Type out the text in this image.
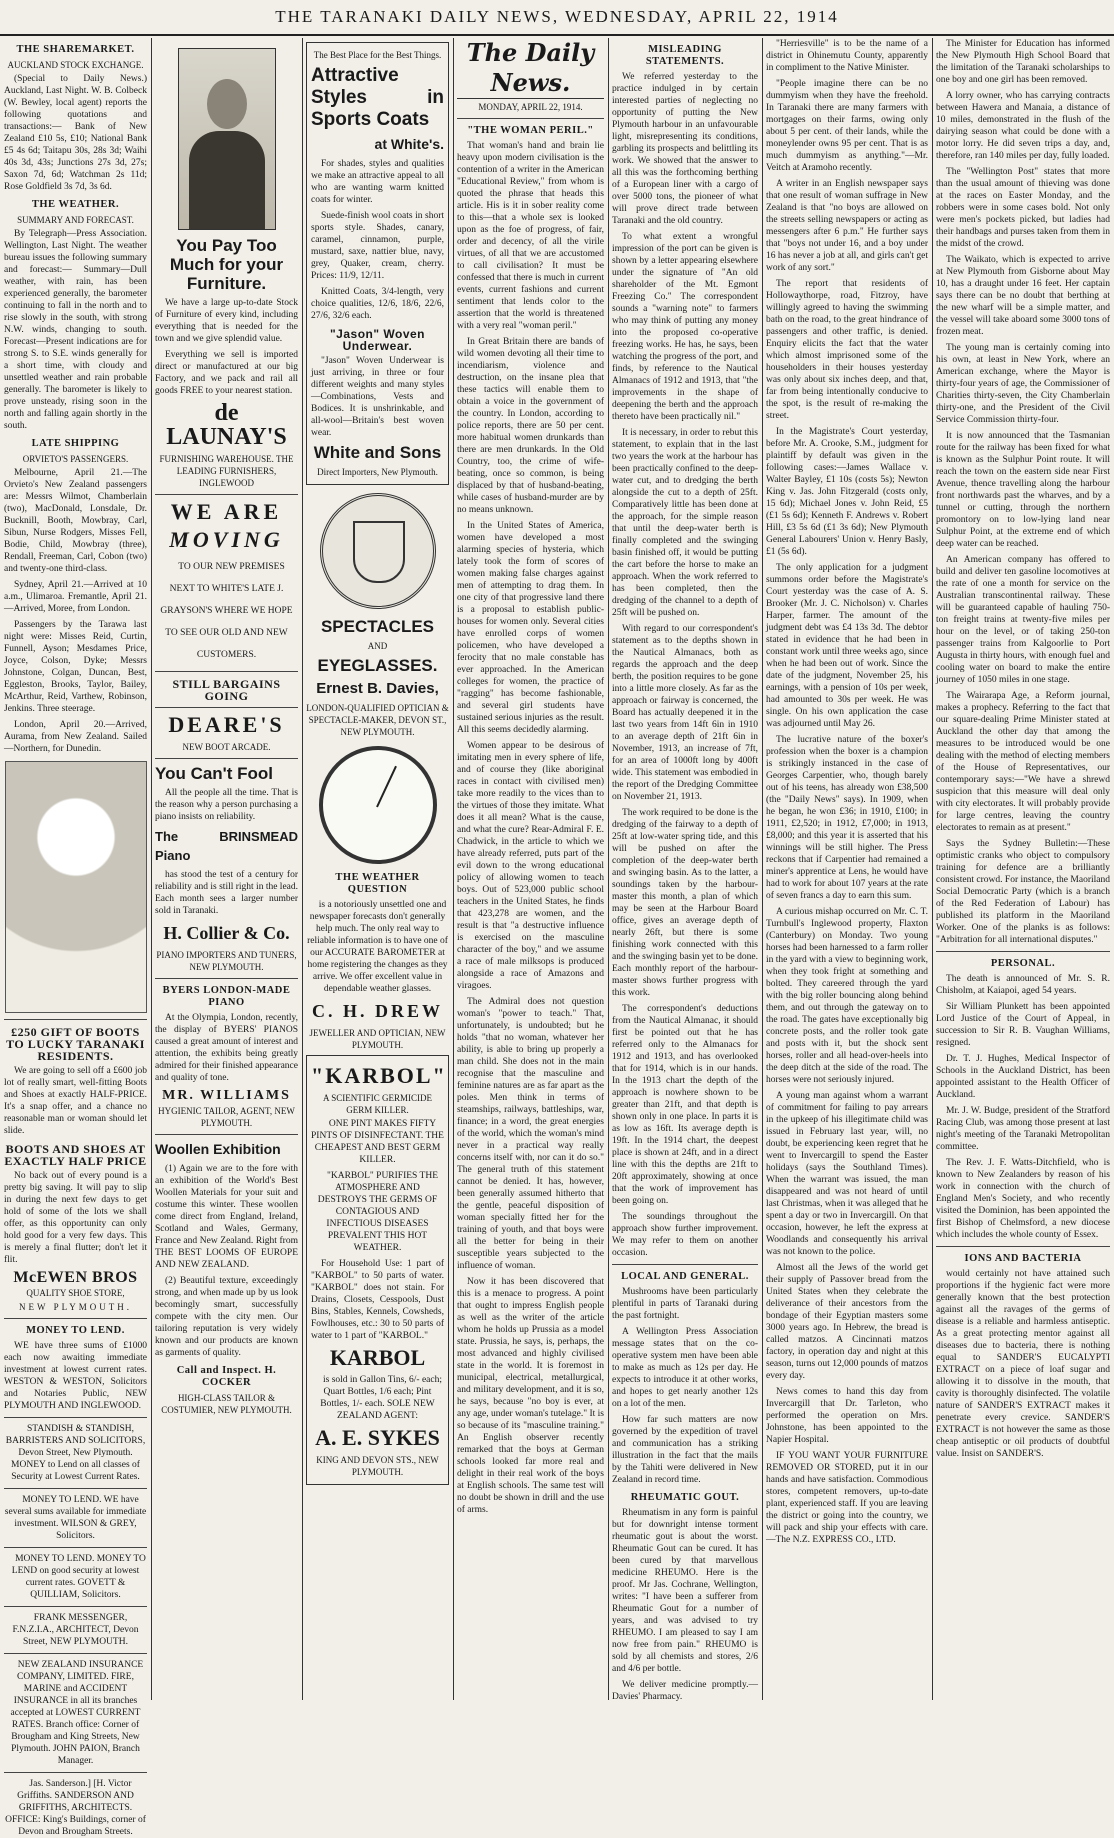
THE TARANAKI DAILY NEWS, WEDNESDAY, APRIL 22, 1914
THE SHAREMARKET.
AUCKLAND STOCK EXCHANGE.

(Special to Daily News.) Auckland, Last Night. W. B. Colbeck (W. Bewley, local agent) reports the following quotations and transactions:— Bank of New Zealand £10 5s, £10; National Bank £5 4s 6d; Taitapu 30s, 28s 3d; Waihi 40s 3d, 43s; Junctions 27s 3d, 27s; Saxon 7d, 6d; Watchman 2s 11d; Rose Goldfield 3s 7d, 3s 6d.

THE WEATHER.
SUMMARY AND FORECAST.

By Telegraph—Press Association. Wellington, Last Night. The weather bureau issues the following summary and forecast:— Summary—Dull weather, with rain, has been experienced generally, the barometer continuing to fall in the north and to rise slowly in the south, with strong N.W. winds, changing to south. Forecast—Present indications are for strong S. to S.E. winds generally for a short time, with cloudy and unsettled weather and rain probable generally. The barometer is likely to prove unsteady, rising soon in the north and falling again shortly in the south.

LATE SHIPPING
ORVIETO'S PASSENGERS.

Melbourne, April 21.—The Orvieto's New Zealand passengers are: Messrs Wilmot, Chamberlain (two), MacDonald, Lonsdale, Dr. Bucknill, Booth, Mowbray, Carl, Sibun, Nurse Rodgers, Misses Fell, Bodie, Child, Mowbray (three), Rendall, Freeman, Carl, Cobon (two) and twenty-one third-class.

Sydney, April 21.—Arrived at 10 a.m., Ulimaroa. Fremantle, April 21.—Arrived, Moree, from London.

Passengers by the Tarawa last night were: Misses Reid, Curtin, Funnell, Ayson; Mesdames Price, Joyce, Colson, Dyke; Messrs Johnstone, Colgan, Duncan, Best, Eggleston, Brooks, Taylor, Bailey, McArthur, Reid, Varthew, Robinson, Jenkins. Three steerage.

London, April 20.—Arrived, Aurama, from New Zealand. Sailed—Northern, for Dunedin.

£250 GIFT OF BOOTS TO LUCKY TARANAKI RESIDENTS.

We are going to sell off a £600 job lot of really smart, well-fitting Boots and Shoes at exactly HALF-PRICE. It's a snap offer, and a chance no reasonable man or woman should let slide.

BOOTS AND SHOES AT EXACTLY HALF PRICE

No back out of every pound is a pretty big saving. It will pay to slip in during the next few days to get hold of some of the lots we shall offer, as this opportunity can only hold good for a very few days. This is merely a final flutter; don't let it flit.

McEWEN BROS
QUALITY SHOE STORE,
NEW PLYMOUTH.
MONEY TO LEND.

WE have three sums of £1000 each now awaiting immediate investment at lowest current rates. WESTON & WESTON, Solicitors and Notaries Public, NEW PLYMOUTH AND INGLEWOOD.

STANDISH & STANDISH, BARRISTERS AND SOLICITORS, Devon Street, New Plymouth. MONEY to Lend on all classes of Security at Lowest Current Rates.

MONEY TO LEND. WE have several sums available for immediate investment. WILSON & GREY, Solicitors.

MONEY TO LEND. MONEY TO LEND on good security at lowest current rates. GOVETT & QUILLIAM, Solicitors.

FRANK MESSENGER, F.N.Z.I.A., ARCHITECT, Devon Street, NEW PLYMOUTH.

NEW ZEALAND INSURANCE COMPANY, LIMITED. FIRE, MARINE and ACCIDENT INSURANCE in all its branches accepted at LOWEST CURRENT RATES. Branch office: Corner of Brougham and King Streets, New Plymouth. JOHN PAION, Branch Manager.

Jas. Sanderson.] [H. Victor Griffiths. SANDERSON AND GRIFFITHS, ARCHITECTS. OFFICE: King's Buildings, corner of Devon and Brougham Streets.

You Pay Too Much for your Furniture.

We have a large up-to-date Stock of Furniture of every kind, including everything that is needed for the town and we give splendid value.

Everything we sell is imported direct or manufactured at our big Factory, and we pack and rail all goods FREE to your nearest station.

de LAUNAY'S
FURNISHING WAREHOUSE. THE LEADING FURNISHERS, INGLEWOOD
WE ARE
MOVING

TO OUR NEW PREMISES NEXT TO WHITE'S LATE J. GRAYSON'S WHERE WE HOPE TO SEE OUR OLD AND NEW CUSTOMERS.

STILL BARGAINS GOING
DEARE'S
NEW BOOT ARCADE.
You Can't Fool

All the people all the time. That is the reason why a person purchasing a piano insists on reliability.

The BRINSMEAD Piano

has stood the test of a century for reliability and is still right in the lead. Each month sees a larger number sold in Taranaki.

H. Collier & Co.
PIANO IMPORTERS AND TUNERS, NEW PLYMOUTH.
BYERS LONDON-MADE PIANO

At the Olympia, London, recently, the display of BYERS' PIANOS caused a great amount of interest and attention, the exhibits being greatly admired for their finished appearance and quality of tone.

MR. WILLIAMS
HYGIENIC TAILOR, AGENT, NEW PLYMOUTH.
Woollen Exhibition

(1) Again we are to the fore with an exhibition of the World's Best Woollen Materials for your suit and costume this winter. These woollen come direct from England, Ireland, Scotland and Wales, Germany, France and New Zealand. Right from THE BEST LOOMS OF EUROPE AND NEW ZEALAND.

(2) Beautiful texture, exceedingly strong, and when made up by us look becomingly smart, successfully compete with the city men. Our tailoring reputation is very widely known and our products are known as garments of quality.

Call and Inspect. H. COCKER
HIGH-CLASS TAILOR & COSTUMIER, NEW PLYMOUTH.
The Best Place for the Best Things.
Attractive Styles in Sports Coats
at White's.

For shades, styles and qualities we make an attractive appeal to all who are wanting warm knitted coats for winter.

Suede-finish wool coats in short sports style. Shades, canary, caramel, cinnamon, purple, mustard, saxe, nattier blue, navy, grey, Quaker, cream, cherry. Prices: 11/9, 12/11.

Knitted Coats, 3/4-length, very choice qualities, 12/6, 18/6, 22/6, 27/6, 32/6 each.

"Jason" Woven Underwear.

"Jason" Woven Underwear is just arriving, in three or four different weights and many styles—Combinations, Vests and Bodices. It is unshrinkable, and all-wool—Britain's best woven wear.

White and Sons
Direct Importers, New Plymouth.
SPECTACLES
AND
EYEGLASSES.
Ernest B. Davies,
LONDON-QUALIFIED OPTICIAN & SPECTACLE-MAKER, DEVON ST., NEW PLYMOUTH.
THE WEATHER QUESTION

is a notoriously unsettled one and newspaper forecasts don't generally help much. The only real way to reliable information is to have one of our ACCURATE BAROMETER at home registering the changes as they arrive. We offer excellent value in dependable weather glasses.

C. H. DREW
JEWELLER AND OPTICIAN, NEW PLYMOUTH.
"KARBOL"
A SCIENTIFIC GERMICIDE GERM KILLER.

ONE PINT MAKES FIFTY PINTS OF DISINFECTANT. THE CHEAPEST AND BEST GERM KILLER.

"KARBOL" PURIFIES THE ATMOSPHERE AND DESTROYS THE GERMS OF CONTAGIOUS AND INFECTIOUS DISEASES PREVALENT THIS HOT WEATHER.

For Household Use: 1 part of "KARBOL" to 50 parts of water. "KARBOL" does not stain. For Drains, Closets, Cesspools, Dust Bins, Stables, Kennels, Cowsheds, Fowlhouses, etc.: 30 to 50 parts of water to 1 part of "KARBOL."

KARBOL

is sold in Gallon Tins, 6/- each; Quart Bottles, 1/6 each; Pint Bottles, 1/- each. SOLE NEW ZEALAND AGENT:

A. E. SYKES
KING AND DEVON STS., NEW PLYMOUTH.
The Daily News.
MONDAY, APRIL 22, 1914.
"THE WOMAN PERIL."

That woman's hand and brain lie heavy upon modern civilisation is the contention of a writer in the American "Educational Review," from whom is quoted the phrase that heads this article. His is it in sober reality come to this—that a whole sex is looked upon as the foe of progress, of fair, order and decency, of all the virile virtues, of all that we are accustomed to call civilisation? It must be confessed that there is much in current events, current fashions and current sentiment that lends color to the assertion that the world is threatened with a very real "woman peril."

In Great Britain there are bands of wild women devoting all their time to incendiarism, violence and destruction, on the insane plea that these tactics will enable them to obtain a voice in the government of the country. In London, according to police reports, there are 50 per cent. more habitual women drunkards than there are men drunkards. In the Old Country, too, the crime of wife-beating, once so common, is being displaced by that of husband-beating, while cases of husband-murder are by no means unknown.

In the United States of America, women have developed a most alarming species of hysteria, which lately took the form of scores of women making false charges against men of attempting to drag them. In one city of that progressive land there is a proposal to establish public-houses for women only. Several cities have enrolled corps of women policemen, who have developed a ferocity that no male constable has ever approached. In the American colleges for women, the practice of "ragging" has become fashionable, and several girl students have sustained serious injuries as the result. All this seems decidedly alarming.

Women appear to be desirous of imitating men in every sphere of life, and of course they (like aboriginal races in contact with civilised men) take more readily to the vices than to the virtues of those they imitate. What does it all mean? What is the cause, and what the cure? Rear-Admiral F. E. Chadwick, in the article to which we have already referred, puts part of the evil down to the wrong educational policy of allowing women to teach boys. Out of 523,000 public school teachers in the United States, he finds that 423,278 are women, and the result is that "a destructive influence is exercised on the masculine character of the boy," and we assume a race of male milksops is produced alongside a race of Amazons and viragoes.

The Admiral does not question woman's "power to teach." That, unfortunately, is undoubted; but he holds "that no woman, whatever her ability, is able to bring up properly a man child. She does not in the main recognise that the masculine and feminine natures are as far apart as the poles. Men think in terms of steamships, railways, battleships, war, finance; in a word, the great energies of the world, which the woman's mind never in a practical way really concerns itself with, nor can it do so." The general truth of this statement cannot be denied. It has, however, been generally assumed hitherto that the gentle, peaceful disposition of woman specially fitted her for the training of youth, and that boys were all the better for being in their susceptible years subjected to the influence of woman.

Now it has been discovered that this is a menace to progress. A point that ought to impress English people as well as the writer of the article whom he holds up Prussia as a model state. Prussia, he says, is, perhaps, the most advanced and highly civilised state in the world. It is foremost in municipal, electrical, metallurgical, and military development, and it is so, he says, because "no boy is ever, at any age, under woman's tutelage." It is so because of its "masculine training." An English observer recently remarked that the boys at German schools looked far more real and delight in their real work of the boys at English schools. The same test will no doubt be shown in drill and the use of arms.

MISLEADING STATEMENTS.

We referred yesterday to the practice indulged in by certain interested parties of neglecting no opportunity of putting the New Plymouth harbour in an unfavourable light, misrepresenting its conditions, garbling its prospects and belittling its work. We showed that the answer to all this was the forthcoming berthing of a European liner with a cargo of over 5000 tons, the pioneer of what will prove direct trade between Taranaki and the old country.

To what extent a wrongful impression of the port can be given is shown by a letter appearing elsewhere under the signature of "An old shareholder of the Mt. Egmont Freezing Co." The correspondent sounds a "warning note" to farmers who may think of putting any money into the proposed co-operative freezing works. He has, he says, been watching the progress of the port, and finds, by reference to the Nautical Almanacs of 1912 and 1913, that "the improvements in the shape of deepening the berth and the approach thereto have been practically nil."

It is necessary, in order to rebut this statement, to explain that in the last two years the work at the harbour has been practically confined to the deep-water cut, and to dredging the berth alongside the cut to a depth of 25ft. Comparatively little has been done at the approach, for the simple reason that until the deep-water berth is finally completed and the swinging basin finished off, it would be putting the cart before the horse to make an approach. When the work referred to has been completed, then the dredging of the channel to a depth of 25ft will be pushed on.

With regard to our correspondent's statement as to the depths shown in the Nautical Almanacs, both as regards the approach and the deep berth, the position requires to be gone into a little more closely. As far as the approach or fairway is concerned, the Board has actually deepened it in the last two years from 14ft 6in in 1910 to an average depth of 21ft 6in in November, 1913, an increase of 7ft, for an area of 1000ft long by 400ft wide. This statement was embodied in the report of the Dredging Committee on November 21, 1913.

The work required to be done is the dredging of the fairway to a depth of 25ft at low-water spring tide, and this will be pushed on after the completion of the deep-water berth and swinging basin. As to the latter, a soundings taken by the harbour-master this month, a plan of which may be seen at the Harbour Board office, gives an average depth of nearly 26ft, but there is some finishing work connected with this and the swinging basin yet to be done. Each monthly report of the harbour-master shows further progress with this work.

The correspondent's deductions from the Nautical Almanac, it should first be pointed out that he has referred only to the Almanacs for 1912 and 1913, and has overlooked that for 1914, which is in our hands. In the 1913 chart the depth of the approach is nowhere shown to be greater than 21ft, and that depth is shown only in one place. In parts it is as low as 16ft. Its average depth is 19ft. In the 1914 chart, the deepest place is shown at 24ft, and in a direct line with this the depths are 21ft to 20ft approximately, showing at once that the work of improvement has been going on.

The soundings throughout the approach show further improvement. We may refer to them on another occasion.

LOCAL AND GENERAL.

Mushrooms have been particularly plentiful in parts of Taranaki during the past fortnight.

A Wellington Press Association message states that on the co-operative system men have been able to make as much as 12s per day. He expects to introduce it at other works, and hopes to get nearly another 12s on a lot of the men.

How far such matters are now governed by the expedition of travel and communication has a striking illustration in the fact that the mails by the Tahiti were delivered in New Zealand in record time.

RHEUMATIC GOUT.

Rheumatism in any form is painful but for downright intense torment rheumatic gout is about the worst. Rheumatic Gout can be cured. It has been cured by that marvellous medicine RHEUMO. Here is the proof. Mr Jas. Cochrane, Wellington, writes: "I have been a sufferer from Rheumatic Gout for a number of years, and was advised to try RHEUMO. I am pleased to say I am now free from pain." RHEUMO is sold by all chemists and stores, 2/6 and 4/6 per bottle.

We deliver medicine promptly.—Davies' Pharmacy.

"Herriesville" is to be the name of a district in Ohinemutu County, apparently in compliment to the Native Minister.

"People imagine there can be no dummyism when they have the freehold. In Taranaki there are many farmers with mortgages on their farms, owing only about 5 per cent. of their lands, while the moneylender owns 95 per cent. That is as much dummyism as anything."—Mr. Veitch at Aramoho recently.

A writer in an English newspaper says that one result of woman suffrage in New Zealand is that "no boys are allowed on the streets selling newspapers or acting as messengers after 6 p.m." He further says that "boys not under 16, and a boy under 16 has never a job at all, and girls can't get work of any sort."

The report that residents of Hollowaythorpe, road, Fitzroy, have willingly agreed to having the swimming bath on the road, to the great hindrance of passengers and other traffic, is denied. Enquiry elicits the fact that the water which almost imprisoned some of the householders in their houses yesterday was only about six inches deep, and that, far from being intentionally conducive to the spot, is the result of re-making the street.

In the Magistrate's Court yesterday, before Mr. A. Crooke, S.M., judgment for plaintiff by default was given in the following cases:—James Wallace v. Walter Bayley, £1 10s (costs 5s); Newton King v. Jas. John Fitzgerald (costs only, 15 6d); Michael Jones v. John Reid, £5 (£1 5s 6d); Kenneth F. Andrews v. Robert Hill, £3 5s 6d (£1 3s 6d); New Plymouth General Labourers' Union v. Henry Basly, £1 (5s 6d).

The only application for a judgment summons order before the Magistrate's Court yesterday was the case of A. S. Brooker (Mr. J. C. Nicholson) v. Charles Harper, farmer. The amount of the judgment debt was £4 13s 3d. The debtor stated in evidence that he had been in constant work until three weeks ago, since when he had been out of work. Since the date of the judgment, November 25, his earnings, with a pension of 10s per week, had amounted to 30s per week. He was single. On his own application the case was adjourned until May 26.

The lucrative nature of the boxer's profession when the boxer is a champion is strikingly instanced in the case of Georges Carpentier, who, though barely out of his teens, has already won £38,500 (the "Daily News" says). In 1909, when he began, he won £36; in 1910, £100; in 1911, £2,520; in 1912, £7,000; in 1913, £8,000; and this year it is asserted that his winnings will be still higher. The Press reckons that if Carpentier had remained a miner's apprentice at Lens, he would have had to work for about 107 years at the rate of seven francs a day to earn this sum.

A curious mishap occurred on Mr. C. T. Turnbull's Inglewood property, Flaxton (Canterbury) on Monday. Two young horses had been harnessed to a farm roller in the yard with a view to beginning work, when they took fright at something and bolted. They careered through the yard with the big roller bouncing along behind them, and out through the gateway on to the road. The gates have exceptionally big concrete posts, and the roller took gate and posts with it, but the shock sent horses, roller and all head-over-heels into the deep ditch at the side of the road. The horses were not seriously injured.

A young man against whom a warrant of commitment for failing to pay arrears in the upkeep of his illegitimate child was issued in February last year, will, no doubt, be experiencing keen regret that he went to Invercargill to spend the Easter holidays (says the Southland Times). When the warrant was issued, the man disappeared and was not heard of until last Christmas, when it was alleged that he spent a day or two in Invercargill. On that occasion, however, he left the express at Woodlands and consequently his arrival was not known to the police.

Almost all the Jews of the world get their supply of Passover bread from the United States when they celebrate the deliverance of their ancestors from the bondage of their Egyptian masters some 3000 years ago. In Hebrew, the bread is called matzos. A Cincinnati matzos factory, in operation day and night at this season, turns out 12,000 pounds of matzos every day.

News comes to hand this day from Invercargill that Dr. Tarleton, who performed the operation on Mrs. Johnstone, has been appointed to the Napier Hospital.

IF YOU WANT YOUR FURNITURE REMOVED OR STORED, put it in our hands and have satisfaction. Commodious stores, competent removers, up-to-date plant, experienced staff. If you are leaving the district or going into the country, we will pack and ship your effects with care.—The N.Z. EXPRESS CO., LTD.

The Minister for Education has informed the New Plymouth High School Board that the limitation of the Taranaki scholarships to one boy and one girl has been removed.

A lorry owner, who has carrying contracts between Hawera and Manaia, a distance of 10 miles, demonstrated in the flush of the dairying season what could be done with a motor lorry. He did seven trips a day, and, therefore, ran 140 miles per day, fully loaded.

The "Wellington Post" states that more than the usual amount of thieving was done at the races on Easter Monday, and the robbers were in some cases bold. Not only were men's pockets picked, but ladies had their handbags and purses taken from them in the midst of the crowd.

The Waikato, which is expected to arrive at New Plymouth from Gisborne about May 10, has a draught under 16 feet. Her captain says there can be no doubt that berthing at the new wharf will be a simple matter, and the vessel will take aboard some 3000 tons of frozen meat.

The young man is certainly coming into his own, at least in New York, where an American exchange, where the Mayor is thirty-four years of age, the Commissioner of Charities thirty-seven, the City Chamberlain thirty-one, and the President of the Civil Service Commission thirty-four.

It is now announced that the Tasmanian route for the railway has been fixed for what is known as the Sulphur Point route. It will reach the town on the eastern side near First Avenue, thence travelling along the harbour front northwards past the wharves, and by a tunnel or cutting, through the northern promontory on to low-lying land near Sulphur Point, at the extreme end of which deep water can be reached.

An American company has offered to build and deliver ten gasoline locomotives at the rate of one a month for service on the Australian transcontinental railway. These will be guaranteed capable of hauling 750-ton freight trains at twenty-five miles per hour on the level, or of taking 250-ton passenger trains from Kalgoorlie to Port Augusta in thirty hours, with enough fuel and cooling water on board to make the entire journey of 1050 miles in one stage.

The Wairarapa Age, a Reform journal, makes a prophecy. Referring to the fact that our square-dealing Prime Minister stated at Auckland the other day that among the measures to be introduced would be one dealing with the method of electing members of the House of Representatives, our contemporary says:—"We have a shrewd suspicion that this measure will deal only with city electorates. It will probably provide for large centres, leaving the country electorates to remain as at present."

Says the Sydney Bulletin:—These optimistic cranks who object to compulsory training for defence are a brilliantly consistent crowd. For instance, the Maoriland Social Democratic Party (which is a branch of the Red Federation of Labour) has published its platform in the Maoriland Worker. One of the planks is as follows: "Arbitration for all international disputes."

PERSONAL.

The death is announced of Mr. S. R. Chisholm, at Kaiapoi, aged 54 years.

Sir William Plunkett has been appointed Lord Justice of the Court of Appeal, in succession to Sir R. B. Vaughan Williams, resigned.

Dr. T. J. Hughes, Medical Inspector of Schools in the Auckland District, has been appointed assistant to the Health Officer of Auckland.

Mr. J. W. Budge, president of the Stratford Racing Club, was among those present at last night's meeting of the Taranaki Metropolitan committee.

The Rev. J. F. Watts-Ditchfield, who is known to New Zealanders by reason of his work in connection with the church of England Men's Society, and who recently visited the Dominion, has been appointed the first Bishop of Chelmsford, a new diocese which includes the whole county of Essex.

IONS AND BACTERIA

would certainly not have attained such proportions if the hygienic fact were more generally known that the best protection against all the ravages of the germs of disease is a reliable and harmless antiseptic. As a great protecting mentor against all diseases due to bacteria, there is nothing equal to SANDER'S EUCALYPTI EXTRACT on a piece of loaf sugar and allowing it to dissolve in the mouth, that cavity is thoroughly disinfected. The volatile nature of SANDER'S EXTRACT makes it penetrate every crevice. SANDER'S EXTRACT is not however the same as those cheap antiseptic or oil products of doubtful value. Insist on SANDER'S.
